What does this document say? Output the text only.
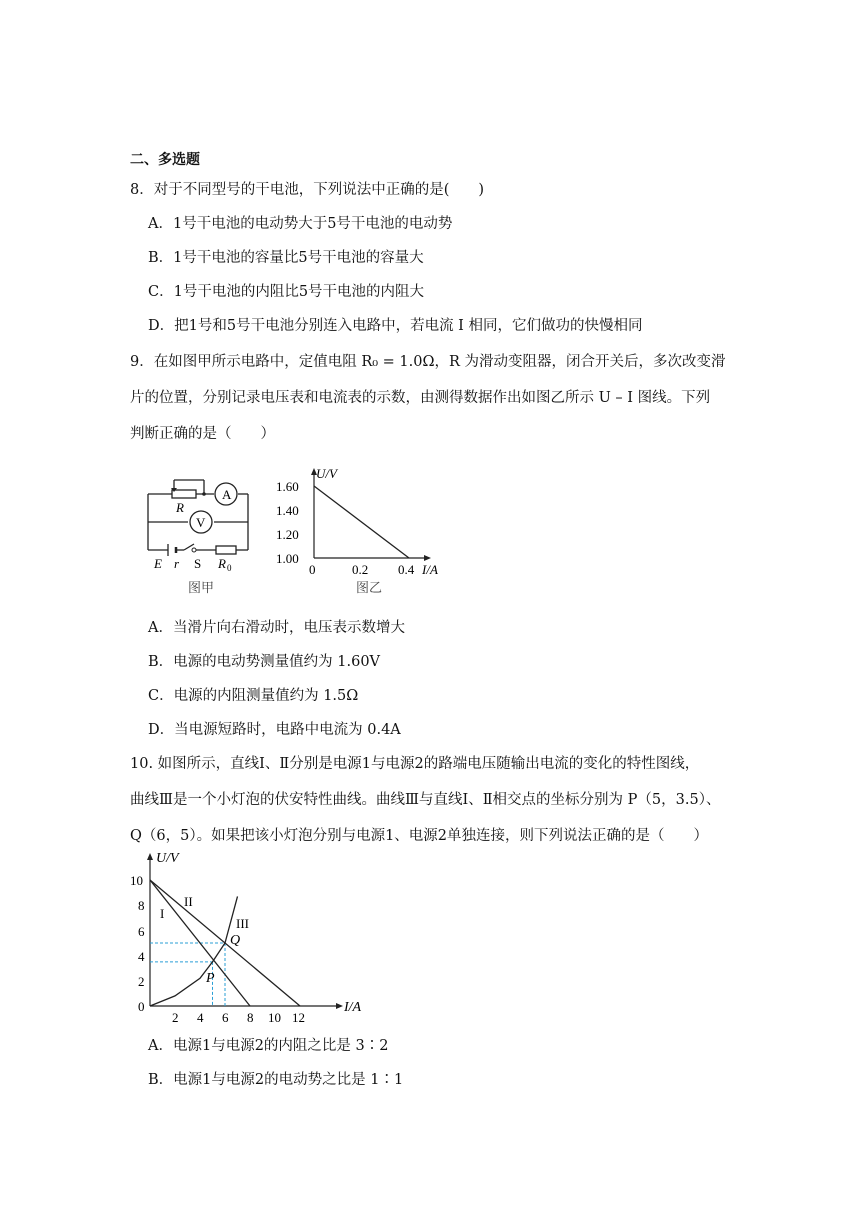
二、多选题
8．对于不同型号的干电池，下列说法中正确的是(　　)
A．1号干电池的电动势大于5号干电池的电动势
B．1号干电池的容量比5号干电池的容量大
C．1号干电池的内阻比5号干电池的内阻大
D．把1号和5号干电池分别连入电路中，若电流 I 相同，它们做功的快慢相同
9．在如图甲所示电路中，定值电阻 R₀ = 1.0Ω，R 为滑动变阻器，闭合开关后，多次改变滑
片的位置，分别记录电压表和电流表的示数，由测得数据作出如图乙所示 U – I 图线。下列
判断正确的是（　　）
A
V
R
E r S R 0
图甲
U/V
1.60
1.40
1.20
1.00
0	0.2 0.4 I/A
图乙
A．当滑片向右滑动时，电压表示数增大
B．电源的电动势测量值约为 1.60V
C．电源的内阻测量值约为 1.5Ω
D．当电源短路时，电路中电流为 0.4A
10. 如图所示，直线Ⅰ、Ⅱ分别是电源1与电源2的路端电压随输出电流的变化的特性图线，
曲线Ⅲ是一个小灯泡的伏安特性曲线。曲线Ⅲ与直线Ⅰ、Ⅱ相交点的坐标分别为 P（5，3.5）、
Q（6，5）。如果把该小灯泡分别与电源1、电源2单独连接，则下列说法正确的是（　　）
U/V
10
8
6
4
2
0
2 4 6 8 10 12
I/A
I
II
III
P
Q
A．电源1与电源2的内阻之比是 3∶2
B．电源1与电源2的电动势之比是 1∶1
